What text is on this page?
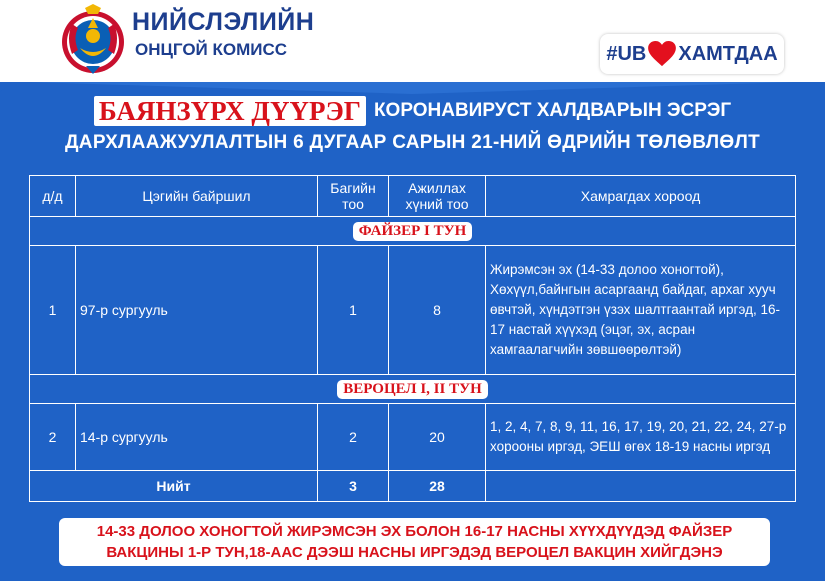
НИЙСЛЭЛИЙН
ОНЦГОЙ КОМИСС	#UB ХАМТДАА
БАЯНЗҮРХ ДҮҮРЭГ КОРОНАВИРУСТ ХАЛДВАРЫН ЭСРЭГ
ДАРХЛААЖУУЛАЛТЫН 6 ДУГААР САРЫН 21-НИЙ ӨДРИЙН ТӨЛӨВЛӨЛТ
д/д	Цэгийн байршил	Багийн тоо	Ажиллах хүний тоо	Хамрагдах хороод
ФАЙЗЕР I ТУН				
1	97-р сургууль	1	8	Жирэмсэн эх (14-33 долоо хоногтой), Хөхүүл,байнгын асаргаанд байдаг, архаг хууч өвчтэй, хүндэтгэн үзэх шалтгаантай иргэд, 16-17 настай хүүхэд (эцэг, эх, асран хамгаалагчийн зөвшөөрөлтэй)

ВЕРОЦЕЛ I, II ТУН				
2	14-р сургууль	2	20	1, 2, 4, 7, 8, 9, 11, 16, 17, 19, 20, 21, 22, 24, 27-р хорооны иргэд, ЭЕШ өгөх 18-19 насны иргэд

Нийт		3	28	
14-33 ДОЛОО ХОНОГТОЙ ЖИРЭМСЭН ЭХ БОЛОН 16-17 НАСНЫ ХҮҮХДҮҮДЭД ФАЙЗЕР ВАКЦИНЫ 1-Р ТУН,18-ААС ДЭЭШ НАСНЫ ИРГЭДЭД ВЕРОЦЕЛ ВАКЦИН ХИЙГДЭНЭ
